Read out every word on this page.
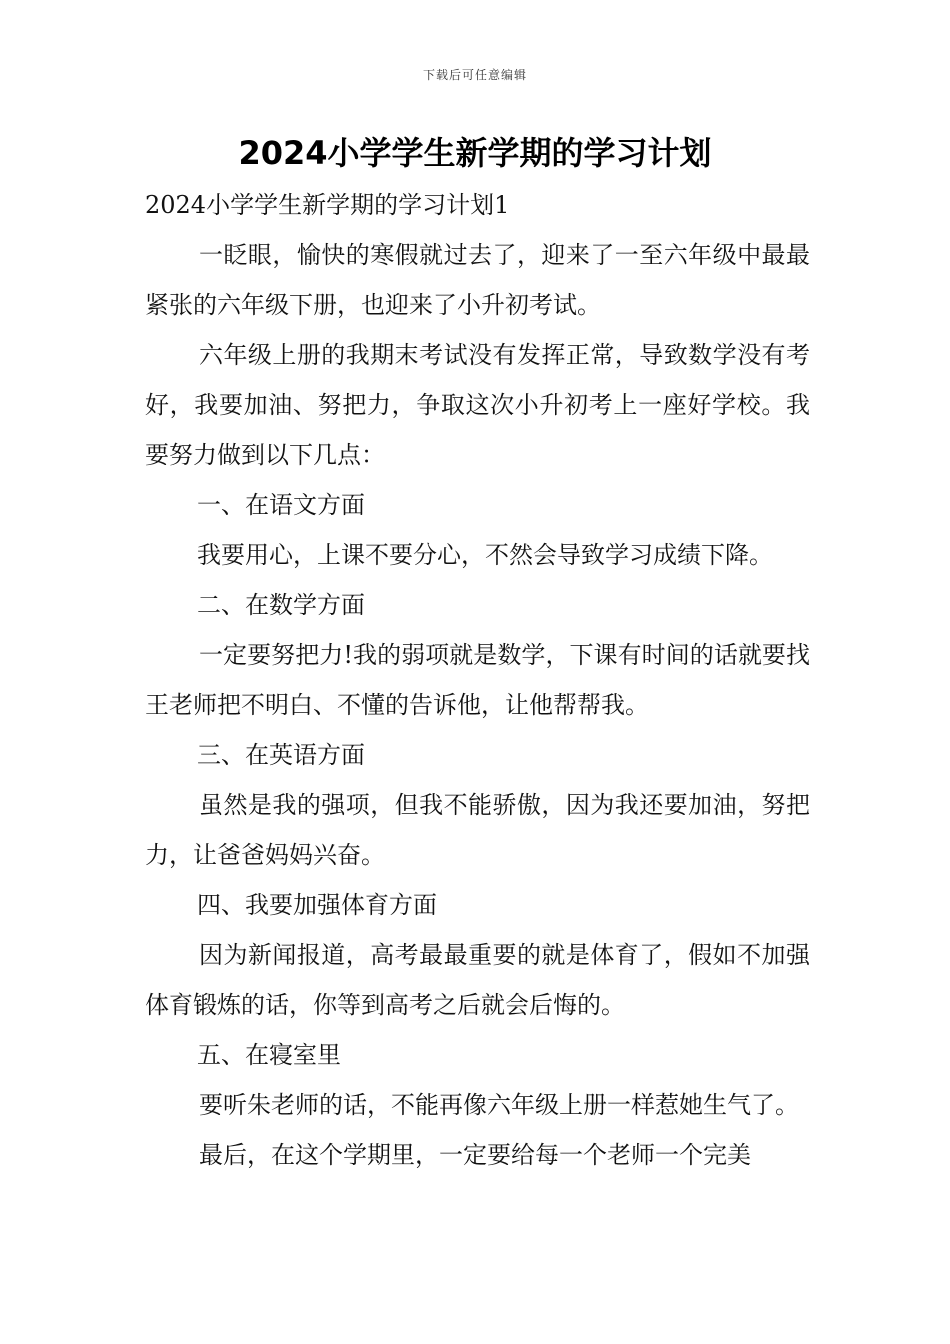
下载后可任意编辑
2024小学学生新学期的学习计划

2024小学学生新学期的学习计划1

一眨眼，愉快的寒假就过去了，迎来了一至六年级中最最紧张的六年级下册，也迎来了小升初考试。

六年级上册的我期末考试没有发挥正常，导致数学没有考好，我要加油、努把力，争取这次小升初考上一座好学校。我要努力做到以下几点：

一、在语文方面

我要用心，上课不要分心，不然会导致学习成绩下降。

二、在数学方面

一定要努把力!我的弱项就是数学，下课有时间的话就要找王老师把不明白、不懂的告诉他，让他帮帮我。

三、在英语方面

虽然是我的强项，但我不能骄傲，因为我还要加油，努把力，让爸爸妈妈兴奋。

四、我要加强体育方面

因为新闻报道，高考最最重要的就是体育了，假如不加强体育锻炼的话，你等到高考之后就会后悔的。

五、在寝室里

要听朱老师的话，不能再像六年级上册一样惹她生气了。

最后，在这个学期里，一定要给每一个老师一个完美
